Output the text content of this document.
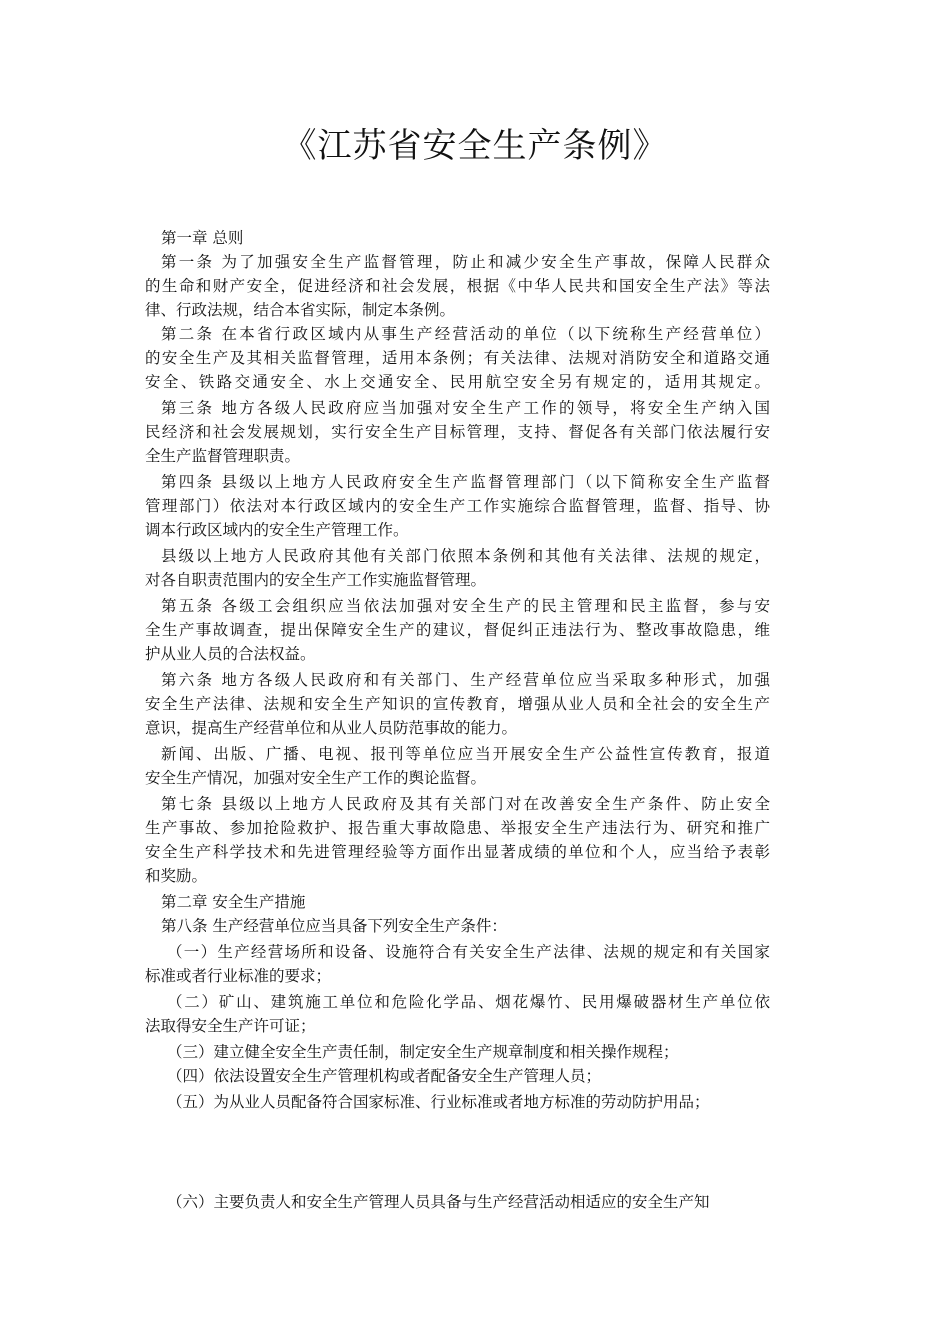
《江苏省安全生产条例》
第一章 总则
第一条 为了加强安全生产监督管理，防止和减少安全生产事故，保障人民群众
的生命和财产安全，促进经济和社会发展，根据《中华人民共和国安全生产法》等法
律、行政法规，结合本省实际，制定本条例。
第二条 在本省行政区域内从事生产经营活动的单位（以下统称生产经营单位）
的安全生产及其相关监督管理，适用本条例；有关法律、法规对消防安全和道路交通
安全、铁路交通安全、水上交通安全、民用航空安全另有规定的，适用其规定。
第三条 地方各级人民政府应当加强对安全生产工作的领导，将安全生产纳入国
民经济和社会发展规划，实行安全生产目标管理，支持、督促各有关部门依法履行安
全生产监督管理职责。
第四条 县级以上地方人民政府安全生产监督管理部门（以下简称安全生产监督
管理部门）依法对本行政区域内的安全生产工作实施综合监督管理，监督、指导、协
调本行政区域内的安全生产管理工作。
县级以上地方人民政府其他有关部门依照本条例和其他有关法律、法规的规定，
对各自职责范围内的安全生产工作实施监督管理。
第五条 各级工会组织应当依法加强对安全生产的民主管理和民主监督，参与安
全生产事故调查，提出保障安全生产的建议，督促纠正违法行为、整改事故隐患，维
护从业人员的合法权益。
第六条 地方各级人民政府和有关部门、生产经营单位应当采取多种形式，加强
安全生产法律、法规和安全生产知识的宣传教育，增强从业人员和全社会的安全生产
意识，提高生产经营单位和从业人员防范事故的能力。
新闻、出版、广播、电视、报刊等单位应当开展安全生产公益性宣传教育，报道
安全生产情况，加强对安全生产工作的舆论监督。
第七条 县级以上地方人民政府及其有关部门对在改善安全生产条件、防止安全
生产事故、参加抢险救护、报告重大事故隐患、举报安全生产违法行为、研究和推广
安全生产科学技术和先进管理经验等方面作出显著成绩的单位和个人，应当给予表彰
和奖励。
第二章 安全生产措施
第八条 生产经营单位应当具备下列安全生产条件：
（一）生产经营场所和设备、设施符合有关安全生产法律、法规的规定和有关国家
标准或者行业标准的要求；
（二）矿山、建筑施工单位和危险化学品、烟花爆竹、民用爆破器材生产单位依
法取得安全生产许可证；
（三）建立健全安全生产责任制，制定安全生产规章制度和相关操作规程；
（四）依法设置安全生产管理机构或者配备安全生产管理人员；
（五）为从业人员配备符合国家标准、行业标准或者地方标准的劳动防护用品；
（六）主要负责人和安全生产管理人员具备与生产经营活动相适应的安全生产知
